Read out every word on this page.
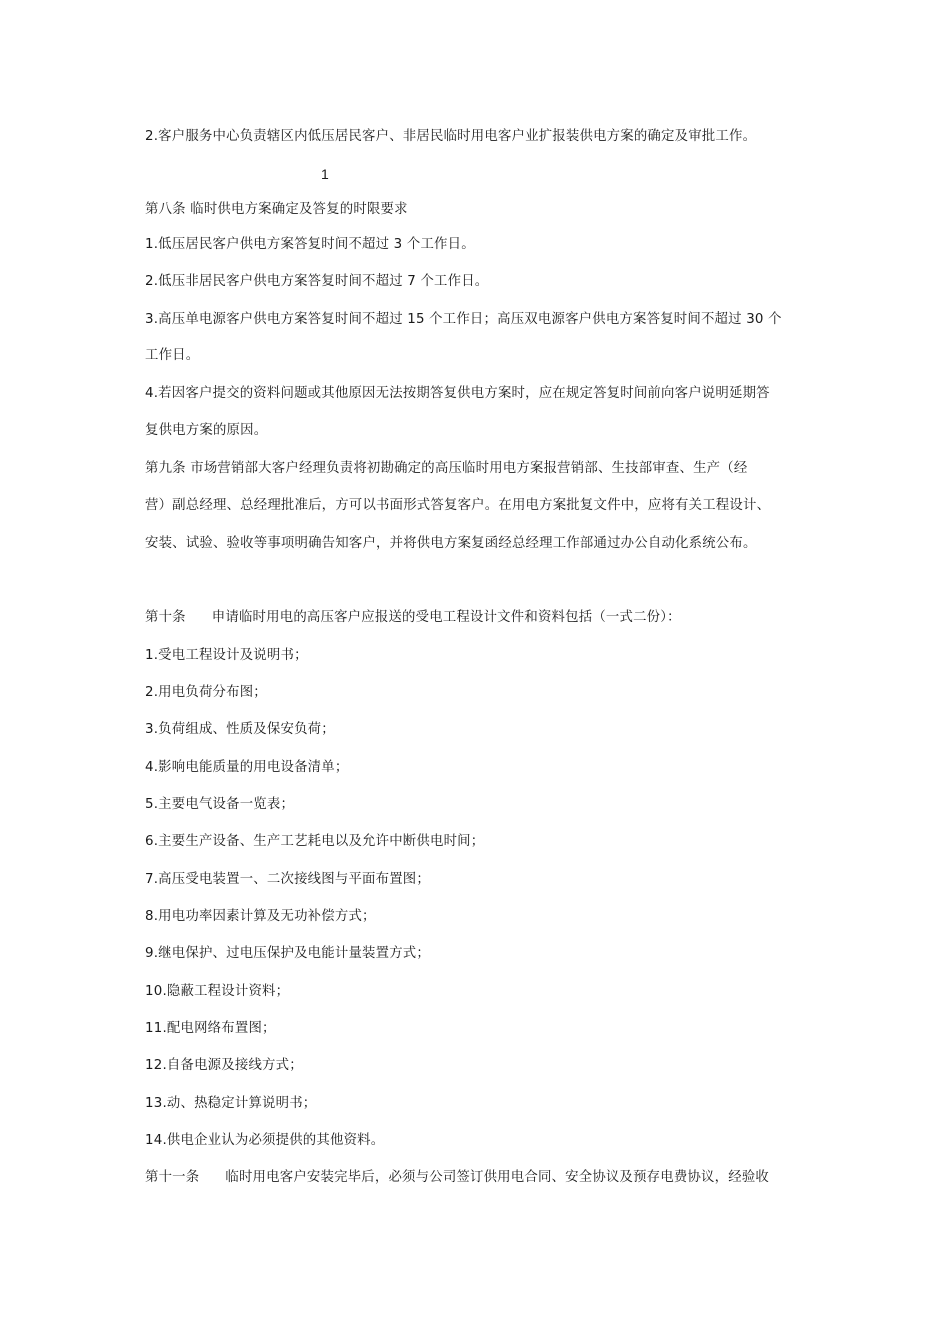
2.客户服务中心负责辖区内低压居民客户、非居民临时用电客户业扩报装供电方案的确定及审批工作。
1
第八条 临时供电方案确定及答复的时限要求
1.低压居民客户供电方案答复时间不超过 3 个工作日。
2.低压非居民客户供电方案答复时间不超过 7 个工作日。
3.高压单电源客户供电方案答复时间不超过 15 个工作日；高压双电源客户供电方案答复时间不超过 30 个
工作日。
4.若因客户提交的资料问题或其他原因无法按期答复供电方案时，应在规定答复时间前向客户说明延期答
复供电方案的原因。
第九条 市场营销部大客户经理负责将初勘确定的高压临时用电方案报营销部、生技部审查、生产（经
营）副总经理、总经理批准后，方可以书面形式答复客户。在用电方案批复文件中，应将有关工程设计、
安装、试验、验收等事项明确告知客户，并将供电方案复函经总经理工作部通过办公自动化系统公布。
第十条 申请临时用电的高压客户应报送的受电工程设计文件和资料包括（一式二份）：
1.受电工程设计及说明书；
2.用电负荷分布图；
3.负荷组成、性质及保安负荷；
4.影响电能质量的用电设备清单；
5.主要电气设备一览表；
6.主要生产设备、生产工艺耗电以及允许中断供电时间；
7.高压受电装置一、二次接线图与平面布置图；
8.用电功率因素计算及无功补偿方式；
9.继电保护、过电压保护及电能计量装置方式；
10.隐蔽工程设计资料；
11.配电网络布置图；
12.自备电源及接线方式；
13.动、热稳定计算说明书；
14.供电企业认为必须提供的其他资料。
第十一条 临时用电客户安装完毕后，必须与公司签订供用电合同、安全协议及预存电费协议，经验收
